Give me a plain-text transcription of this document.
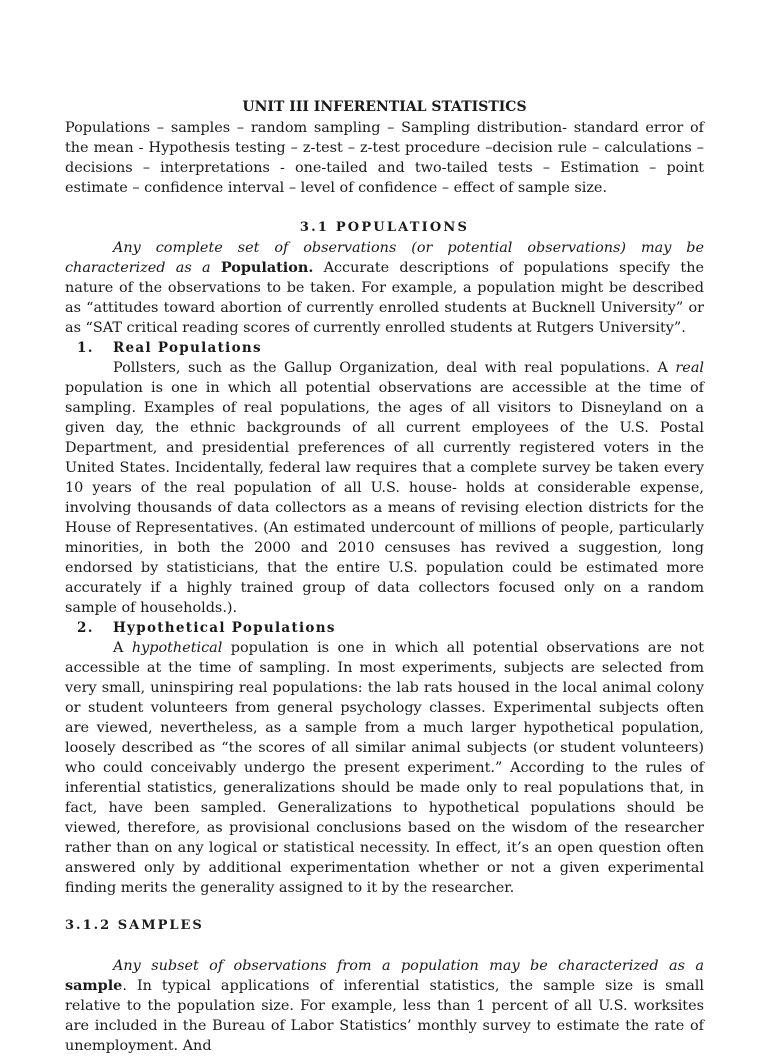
UNIT III INFERENTIAL STATISTICS

Populations – samples – random sampling – Sampling distribution- standard error of the mean - Hypothesis testing – z-test – z-test procedure –decision rule – calculations – decisions – interpretations - one-tailed and two-tailed tests – Estimation – point estimate – confidence interval – level of confidence – effect of sample size.

3.1 POPULATIONS

Any complete set of observations (or potential observations) may be characterized as a Population. Accurate descriptions of populations specify the nature of the observations to be taken. For example, a population might be described as “attitudes toward abortion of currently enrolled students at Bucknell University” or as “SAT critical reading scores of currently enrolled students at Rutgers University”.

1. Real Populations

Pollsters, such as the Gallup Organization, deal with real populations. A real population is one in which all potential observations are accessible at the time of sampling. Examples of real populations, the ages of all visitors to Disneyland on a given day, the ethnic backgrounds of all current employees of the U.S. Postal Department, and presidential preferences of all currently registered voters in the United States. Incidentally, federal law requires that a complete survey be taken every 10 years of the real population of all U.S. house- holds at considerable expense, involving thousands of data collectors as a means of revising election districts for the House of Representatives. (An estimated undercount of millions of people, particularly minorities, in both the 2000 and 2010 censuses has revived a suggestion, long endorsed by statisticians, that the entire U.S. population could be estimated more accurately if a highly trained group of data collectors focused only on a random sample of households.).

2. Hypothetical Populations

A hypothetical population is one in which all potential observations are not accessible at the time of sampling. In most experiments, subjects are selected from very small, uninspiring real populations: the lab rats housed in the local animal colony or student volunteers from general psychology classes. Experimental subjects often are viewed, nevertheless, as a sample from a much larger hypothetical population, loosely described as “the scores of all similar animal subjects (or student volunteers) who could conceivably undergo the present experiment.” According to the rules of inferential statistics, generalizations should be made only to real populations that, in fact, have been sampled. Generalizations to hypothetical populations should be viewed, therefore, as provisional conclusions based on the wisdom of the researcher rather than on any logical or statistical necessity. In effect, it’s an open question often answered only by additional experimentation whether or not a given experimental finding merits the generality assigned to it by the researcher.

3.1.2 SAMPLES

Any subset of observations from a population may be characterized as a sample. In typical applications of inferential statistics, the sample size is small relative to the population size. For example, less than 1 percent of all U.S. worksites are included in the Bureau of Labor Statistics’ monthly survey to estimate the rate of unemployment. And
